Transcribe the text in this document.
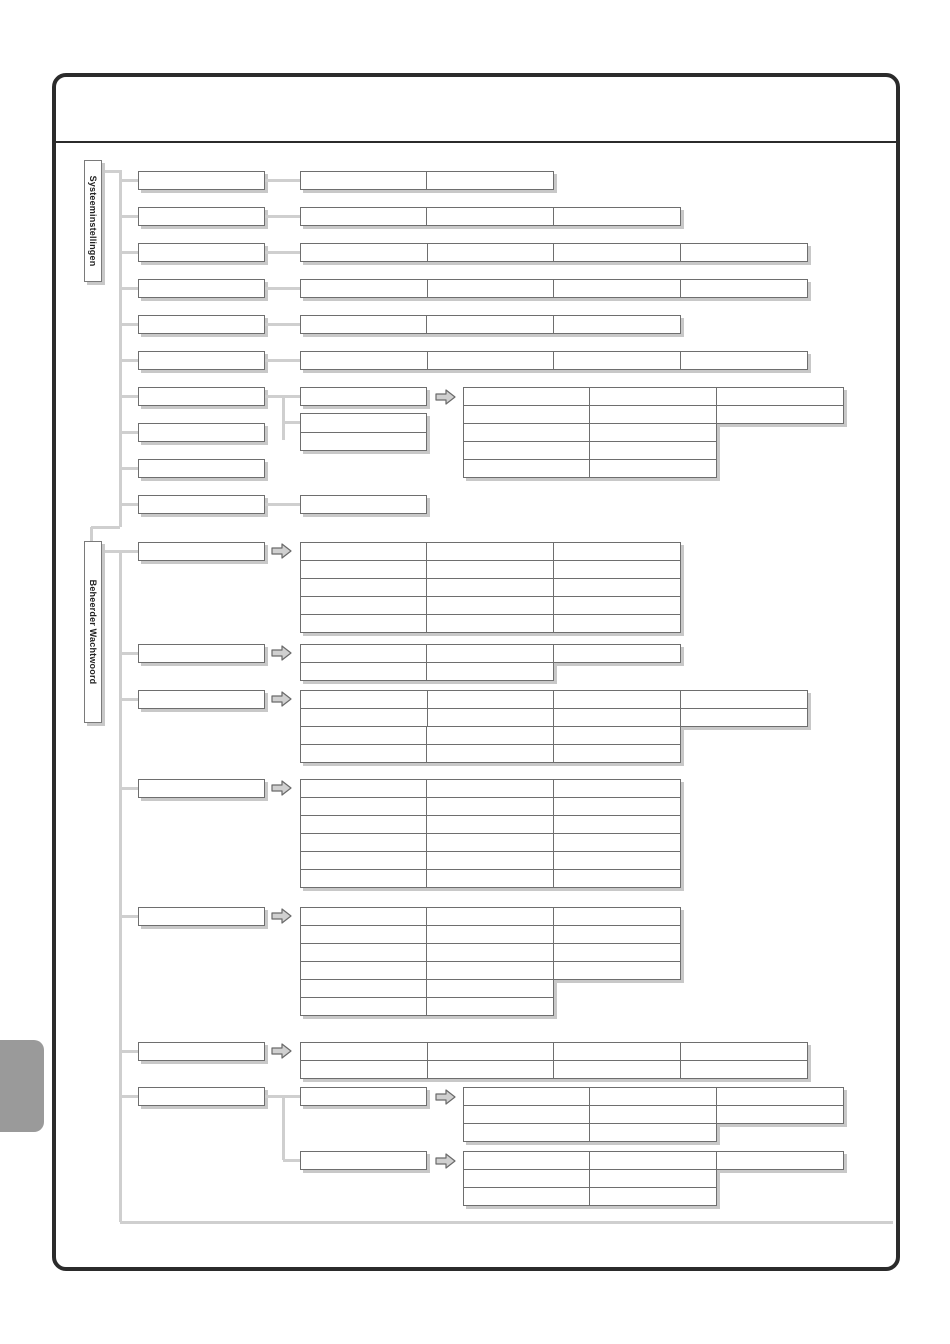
Systeeminstellingen
Beheerder Wachtwoord
